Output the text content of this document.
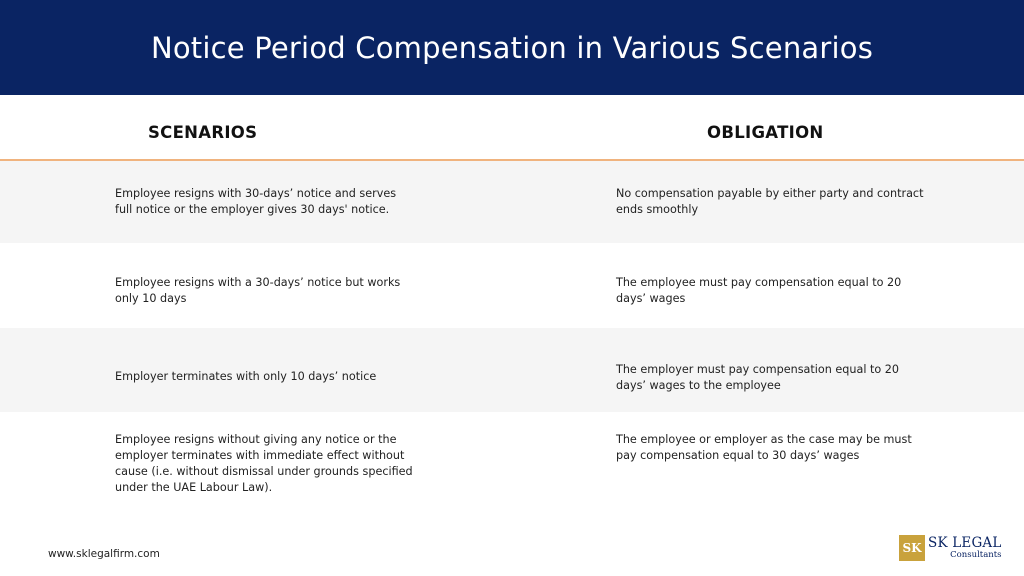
Notice Period Compensation in Various Scenarios
SCENARIOS	OBLIGATION
Employee resigns with 30-days’ notice and serves full notice or the employer gives 30 days' notice.
No compensation payable by either party and contract ends smoothly
Employee resigns with a 30-days’ notice but works only 10 days
The employee must pay compensation equal to 20 days’ wages
Employer terminates with only 10 days’ notice
The employer must pay compensation equal to 20 days’ wages to the employee
Employee resigns without giving any notice or the employer terminates with immediate effect without cause (i.e. without dismissal under grounds specified under the UAE Labour Law).
The employee or employer as the case may be must pay compensation equal to 30 days’ wages
www.sklegalfirm.com	SK SK LEGAL
Consultants
